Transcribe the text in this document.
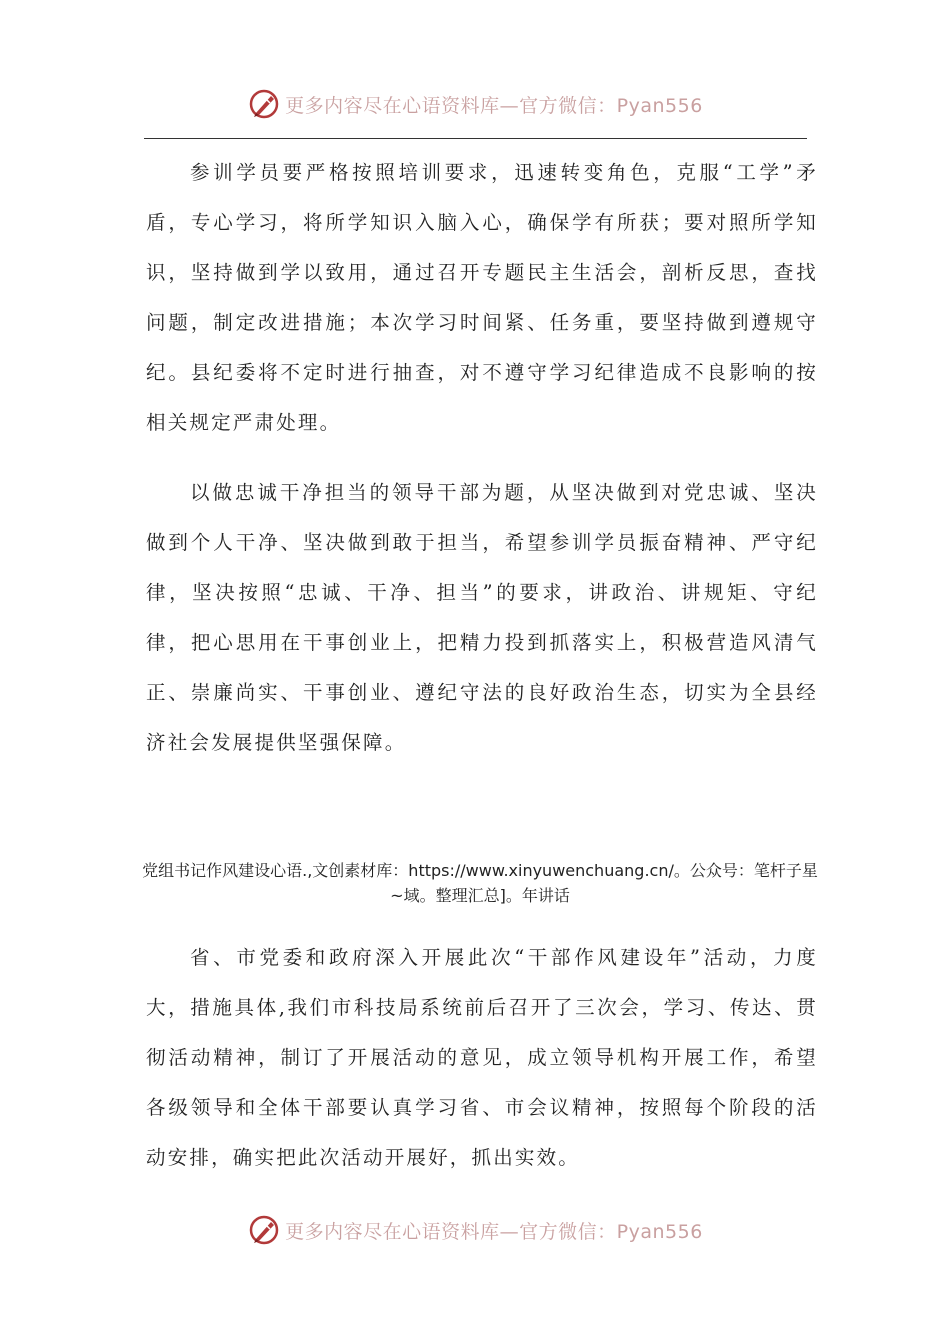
更多内容尽在心语资料库—官方微信：Pyan556

参训学员要严格按照培训要求，迅速转变角色，克服“工学”矛盾，专心学习，将所学知识入脑入心，确保学有所获；要对照所学知识，坚持做到学以致用，通过召开专题民主生活会，剖析反思，查找问题，制定改进措施；本次学习时间紧、任务重，要坚持做到遵规守纪。县纪委将不定时进行抽查，对不遵守学习纪律造成不良影响的按相关规定严肃处理。

以做忠诚干净担当的领导干部为题，从坚决做到对党忠诚、坚决做到个人干净、坚决做到敢于担当，希望参训学员振奋精神、严守纪律，坚决按照“忠诚、干净、担当”的要求，讲政治、讲规矩、守纪律，把心思用在干事创业上，把精力投到抓落实上，积极营造风清气正、崇廉尚实、干事创业、遵纪守法的良好政治生态，切实为全县经济社会发展提供坚强保障。

党组书记作风建设心语.,文创素材库：https://www.xinyuwenchuang.cn/。公众号：笔杆子星~域。整理汇总]。年讲话

省、市党委和政府深入开展此次“干部作风建设年”活动，力度大，措施具体,我们市科技局系统前后召开了三次会，学习、传达、贯彻活动精神，制订了开展活动的意见，成立领导机构开展工作，希望各级领导和全体干部要认真学习省、市会议精神，按照每个阶段的活动安排，确实把此次活动开展好，抓出实效。

更多内容尽在心语资料库—官方微信：Pyan556
